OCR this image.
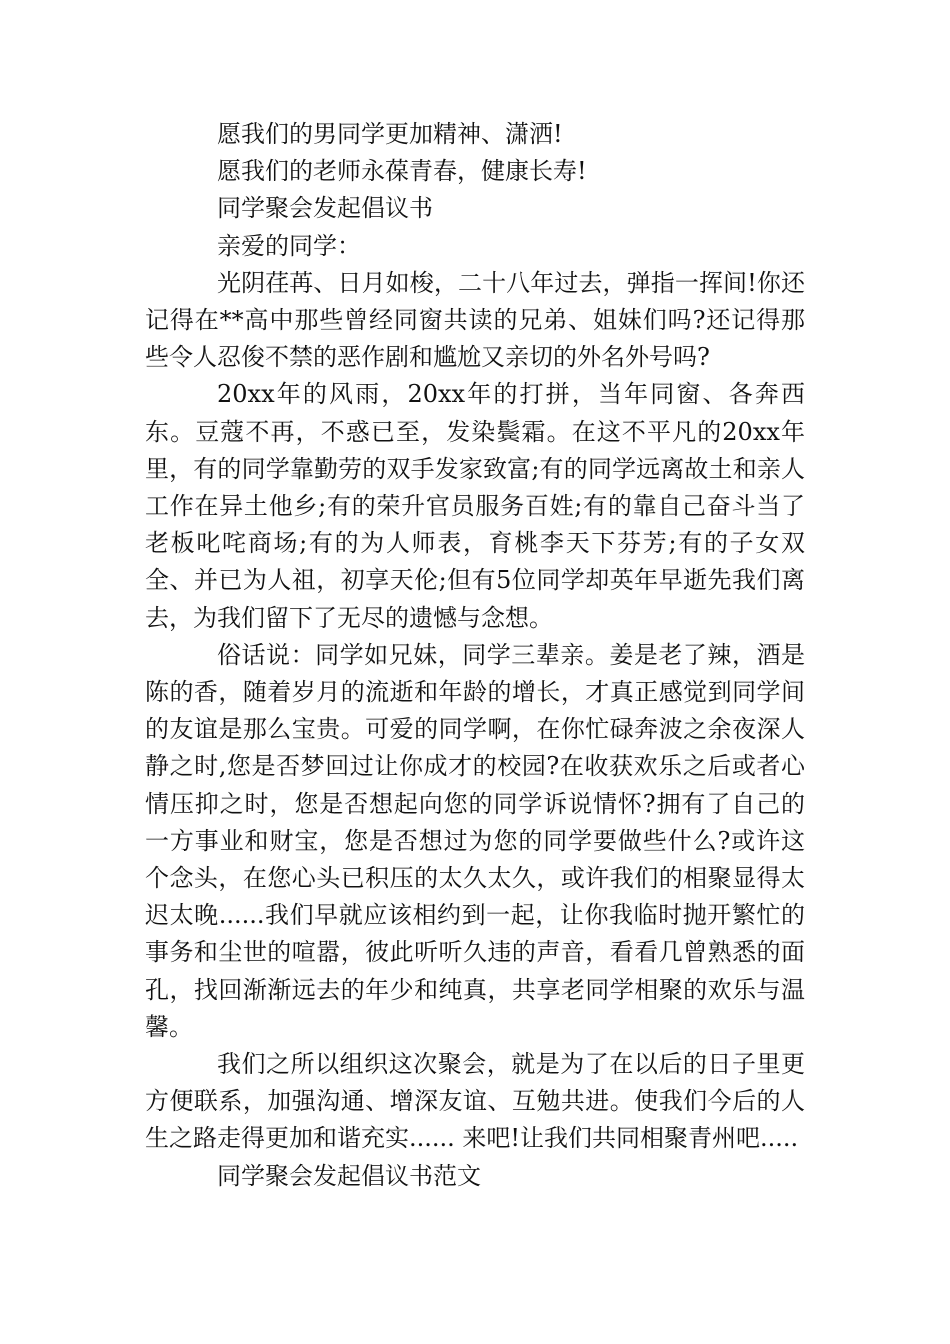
愿我们的男同学更加精神、潇洒!

愿我们的老师永葆青春，健康长寿!

同学聚会发起倡议书

亲爱的同学：

光阴荏苒、日月如梭，二十八年过去，弹指一挥间!你还记得在**高中那些曾经同窗共读的兄弟、姐妹们吗?还记得那些令人忍俊不禁的恶作剧和尴尬又亲切的外名外号吗?

20xx年的风雨，20xx年的打拼，当年同窗、各奔西东。豆蔻不再，不惑已至，发染鬓霜。在这不平凡的20xx年里，有的同学靠勤劳的双手发家致富;有的同学远离故土和亲人工作在异土他乡;有的荣升官员服务百姓;有的靠自己奋斗当了老板叱咤商场;有的为人师表，育桃李天下芬芳;有的子女双全、并已为人祖，初享天伦;但有5位同学却英年早逝先我们离去，为我们留下了无尽的遗憾与念想。

俗话说：同学如兄妹，同学三辈亲。姜是老了辣，酒是陈的香，随着岁月的流逝和年龄的增长，才真正感觉到同学间的友谊是那么宝贵。可爱的同学啊，在你忙碌奔波之余夜深人静之时,您是否梦回过让你成才的校园?在收获欢乐之后或者心情压抑之时，您是否想起向您的同学诉说情怀?拥有了自己的一方事业和财宝，您是否想过为您的同学要做些什么?或许这个念头，在您心头已积压的太久太久，或许我们的相聚显得太迟太晚......我们早就应该相约到一起，让你我临时抛开繁忙的事务和尘世的喧嚣，彼此听听久违的声音，看看几曾熟悉的面孔，找回渐渐远去的年少和纯真，共享老同学相聚的欢乐与温馨。

我们之所以组织这次聚会，就是为了在以后的日子里更方便联系，加强沟通、增深友谊、互勉共进。使我们今后的人生之路走得更加和谐充实...... 来吧!让我们共同相聚青州吧.....

同学聚会发起倡议书范文
